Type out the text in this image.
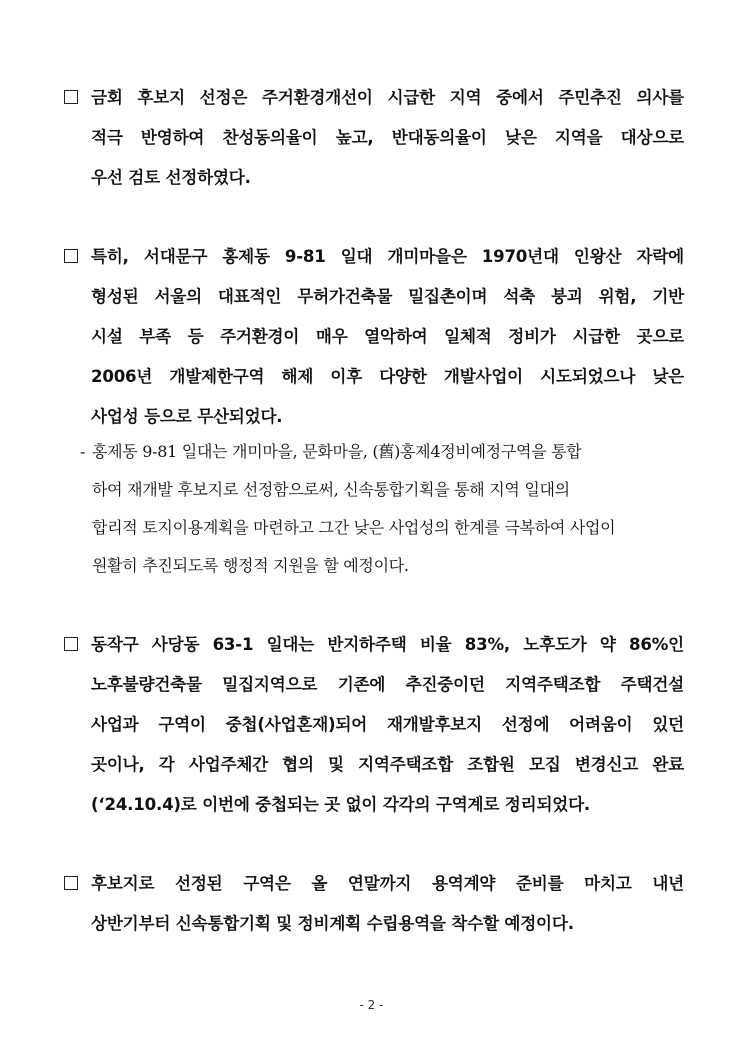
금회 후보지 선정은 주거환경개선이 시급한 지역 중에서 주민추진 의사를
적극 반영하여 찬성동의율이 높고, 반대동의율이 낮은 지역을 대상으로
우선 검토 선정하였다.
특히, 서대문구 홍제동 9-81 일대 개미마을은 1970년대 인왕산 자락에
형성된 서울의 대표적인 무허가건축물 밀집촌이며 석축 붕괴 위험, 기반
시설 부족 등 주거환경이 매우 열악하여 일체적 정비가 시급한 곳으로
2006년 개발제한구역 해제 이후 다양한 개발사업이 시도되었으나 낮은
사업성 등으로 무산되었다.
- 홍제동 9-81 일대는 개미마을, 문화마을, (舊)홍제4정비예정구역을 통합
하여 재개발 후보지로 선정함으로써, 신속통합기획을 통해 지역 일대의
합리적 토지이용계획을 마련하고 그간 낮은 사업성의 한계를 극복하여 사업이
원활히 추진되도록 행정적 지원을 할 예정이다.
동작구 사당동 63-1 일대는 반지하주택 비율 83%, 노후도가 약 86%인
노후불량건축물 밀집지역으로 기존에 추진중이던 지역주택조합 주택건설
사업과 구역이 중첩(사업혼재)되어 재개발후보지 선정에 어려움이 있던
곳이나, 각 사업주체간 협의 및 지역주택조합 조합원 모집 변경신고 완료
(‘24.10.4)로 이번에 중첩되는 곳 없이 각각의 구역계로 정리되었다.
후보지로 선정된 구역은 올 연말까지 용역계약 준비를 마치고 내년
상반기부터 신속통합기획 및 정비계획 수립용역을 착수할 예정이다.
- 2 -
